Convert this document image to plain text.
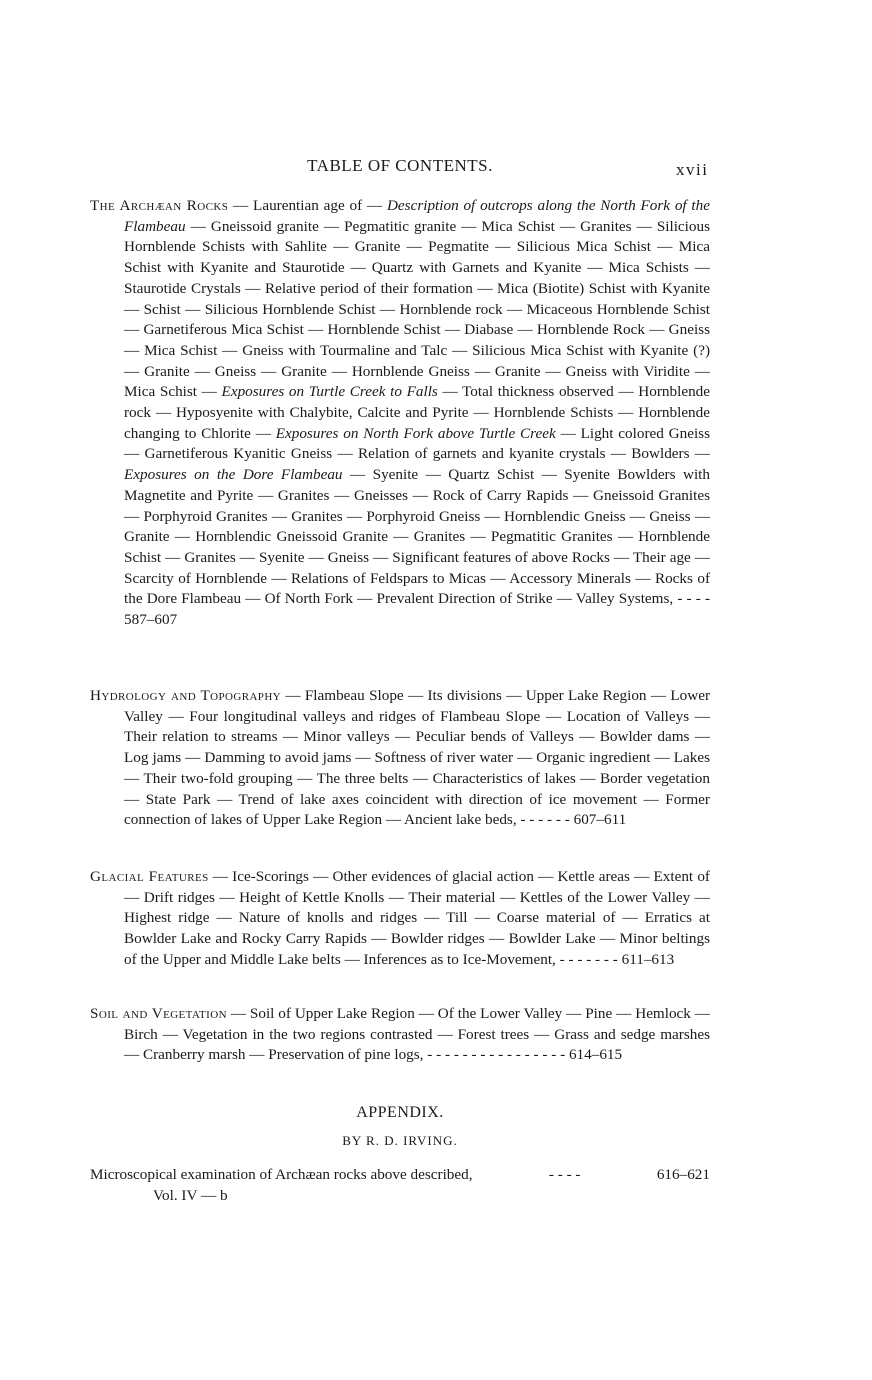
TABLE OF CONTENTS.	xvii
The Archæan Rocks — Laurentian age of — Description of outcrops along the North Fork of the Flambeau — Gneissoid granite — Pegmatitic granite — Mica Schist — Granites — Silicious Hornblende Schists with Sahlite — Granite — Pegmatite — Silicious Mica Schist — Mica Schist with Kyanite and Staurotide — Quartz with Garnets and Kyanite — Mica Schists — Staurotide Crystals — Relative period of their formation — Mica (Biotite) Schist with Kyanite — Schist — Silicious Hornblende Schist — Hornblende rock — Micaceous Hornblende Schist — Garnetiferous Mica Schist — Hornblende Schist — Diabase — Hornblende Rock — Gneiss — Mica Schist — Gneiss with Tourmaline and Talc — Silicious Mica Schist with Kyanite (?) — Granite — Gneiss — Granite — Hornblende Gneiss — Granite — Gneiss with Viridite — Mica Schist — Exposures on Turtle Creek to Falls — Total thickness observed — Hornblende rock — Hyposyenite with Chalybite, Calcite and Pyrite — Hornblende Schists — Hornblende changing to Chlorite — Exposures on North Fork above Turtle Creek — Light colored Gneiss — Garnetiferous Kyanitic Gneiss — Relation of garnets and kyanite crystals — Bowlders — Exposures on the Dore Flambeau — Syenite — Quartz Schist — Syenite Bowlders with Magnetite and Pyrite — Granites — Gneisses — Rock of Carry Rapids — Gneissoid Granites — Porphyroid Granites — Granites — Porphyroid Gneiss — Hornblendic Gneiss — Gneiss — Granite — Hornblendic Gneissoid Granite — Granites — Pegmatitic Granites — Hornblende Schist — Granites — Syenite — Gneiss — Significant features of above Rocks — Their age — Scarcity of Hornblende — Relations of Feldspars to Micas — Accessory Minerals — Rocks of the Dore Flambeau — Of North Fork — Prevalent Direction of Strike — Valley Systems, - - - - 587–607
Hydrology and Topography — Flambeau Slope — Its divisions — Upper Lake Region — Lower Valley — Four longitudinal valleys and ridges of Flambeau Slope — Location of Valleys — Their relation to streams — Minor valleys — Peculiar bends of Valleys — Bowlder dams — Log jams — Damming to avoid jams — Softness of river water — Organic ingredient — Lakes — Their two-fold grouping — The three belts — Characteristics of lakes — Border vegetation — State Park — Trend of lake axes coincident with direction of ice movement — Former connection of lakes of Upper Lake Region — Ancient lake beds, - - - - - - 607–611
Glacial Features — Ice-Scorings — Other evidences of glacial action — Kettle areas — Extent of — Drift ridges — Height of Kettle Knolls — Their material — Kettles of the Lower Valley — Highest ridge — Nature of knolls and ridges — Till — Coarse material of — Erratics at Bowlder Lake and Rocky Carry Rapids — Bowlder ridges — Bowlder Lake — Minor beltings of the Upper and Middle Lake belts — Inferences as to Ice-Movement, - - - - - - - 611–613
Soil and Vegetation — Soil of Upper Lake Region — Of the Lower Valley — Pine — Hemlock — Birch — Vegetation in the two regions contrasted — Forest trees — Grass and sedge marshes — Cranberry marsh — Preservation of pine logs, - - - - - - - - - - - - - - - - 614–615
APPENDIX.
BY R. D. IRVING.
Microscopical examination of Archæan rocks above described,	- - - -	616–621
Vol. IV — b
